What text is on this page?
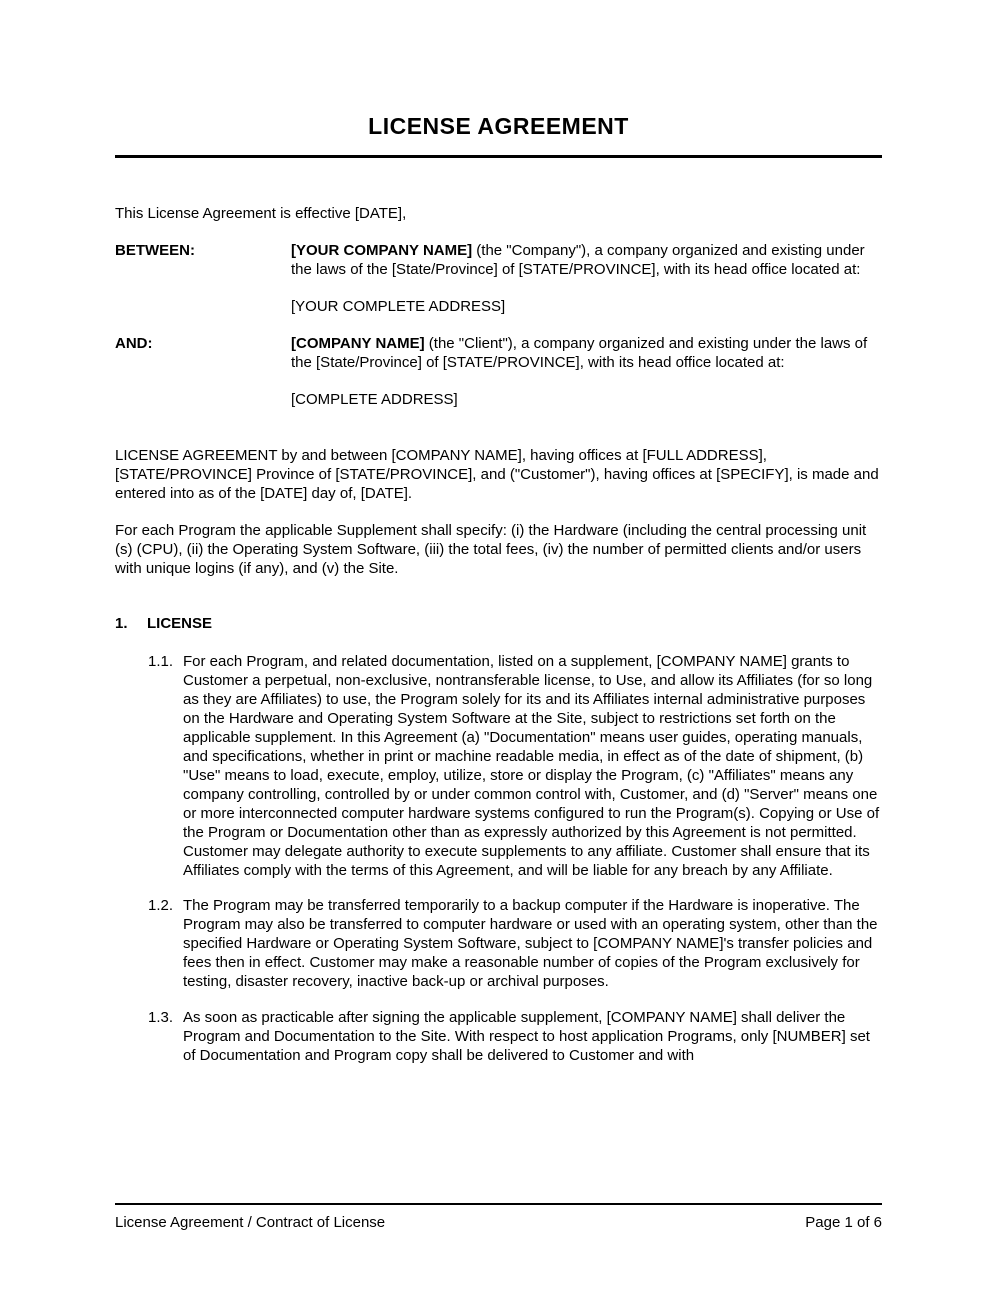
LICENSE AGREEMENT

This License Agreement is effective [DATE],

BETWEEN:	[YOUR COMPANY NAME] (the "Company"), a company organized and existing under the laws of the [State/Province] of [STATE/PROVINCE], with its head office located at:
[YOUR COMPLETE ADDRESS]
AND:	[COMPANY NAME] (the "Client"), a company organized and existing under the laws of the [State/Province] of [STATE/PROVINCE], with its head office located at:
[COMPLETE ADDRESS]

LICENSE AGREEMENT by and between [COMPANY NAME], having offices at [FULL ADDRESS], [STATE/PROVINCE] Province of [STATE/PROVINCE], and ("Customer"), having offices at [SPECIFY], is made and entered into as of the [DATE] day of, [DATE].

For each Program the applicable Supplement shall specify: (i) the Hardware (including the central processing unit (s) (CPU), (ii) the Operating System Software, (iii) the total fees, (iv) the number of permitted clients and/or users with unique logins (if any), and (v) the Site.

1. LICENSE
1.1. For each Program, and related documentation, listed on a supplement, [COMPANY NAME] grants to Customer a perpetual, non-exclusive, nontransferable license, to Use, and allow its Affiliates (for so long as they are Affiliates) to use, the Program solely for its and its Affiliates internal administrative purposes on the Hardware and Operating System Software at the Site, subject to restrictions set forth on the applicable supplement. In this Agreement (a) "Documentation" means user guides, operating manuals, and specifications, whether in print or machine readable media, in effect as of the date of shipment, (b) "Use" means to load, execute, employ, utilize, store or display the Program, (c) "Affiliates" means any company controlling, controlled by or under common control with, Customer, and (d) "Server" means one or more interconnected computer hardware systems configured to run the Program(s). Copying or Use of the Program or Documentation other than as expressly authorized by this Agreement is not permitted. Customer may delegate authority to execute supplements to any affiliate. Customer shall ensure that its Affiliates comply with the terms of this Agreement, and will be liable for any breach by any Affiliate.
1.2. The Program may be transferred temporarily to a backup computer if the Hardware is inoperative. The Program may also be transferred to computer hardware or used with an operating system, other than the specified Hardware or Operating System Software, subject to [COMPANY NAME]'s transfer policies and fees then in effect. Customer may make a reasonable number of copies of the Program exclusively for testing, disaster recovery, inactive back-up or archival purposes.
1.3. As soon as practicable after signing the applicable supplement, [COMPANY NAME] shall deliver the Program and Documentation to the Site. With respect to host application Programs, only [NUMBER] set of Documentation and Program copy shall be delivered to Customer and with
License Agreement / Contract of License	Page 1 of 6
